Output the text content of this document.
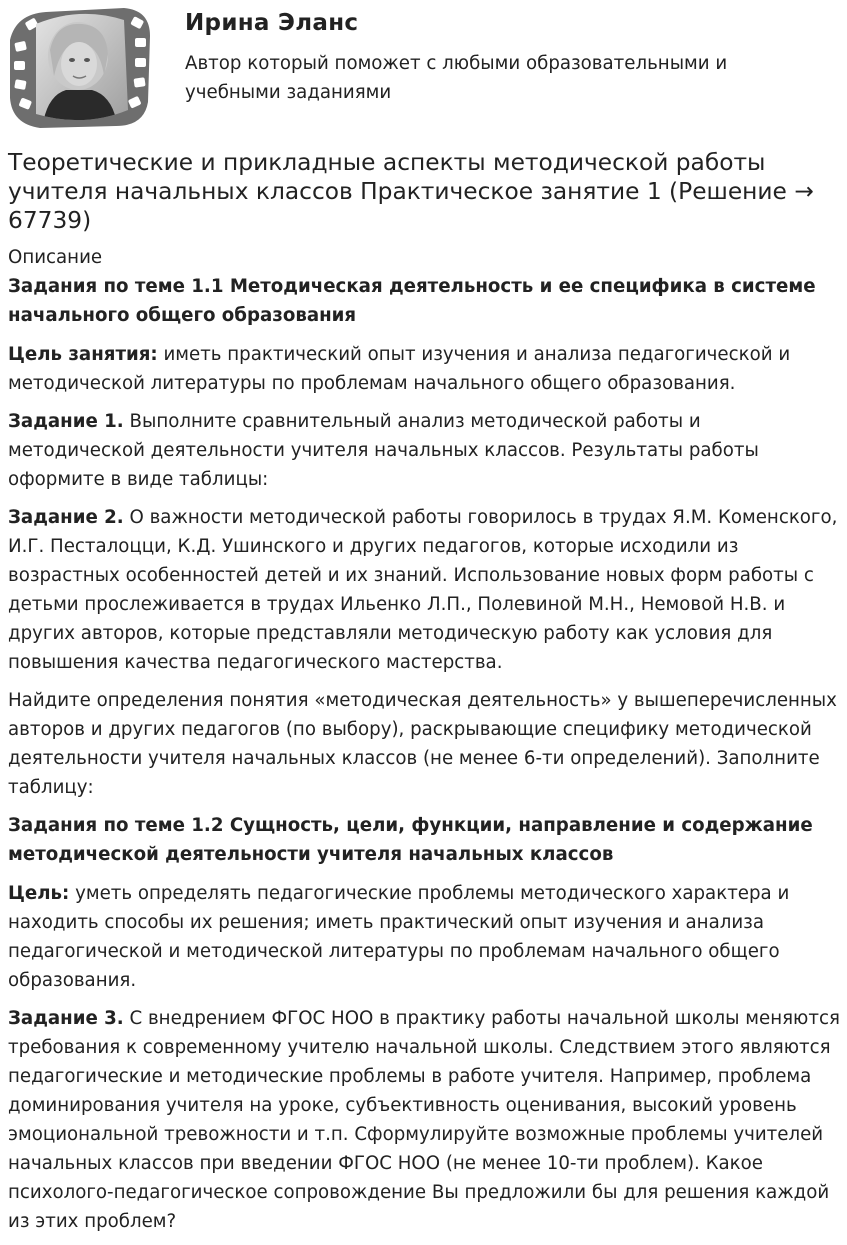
Ирина Эланс
Автор который поможет с любыми образовательными и учебными заданиями
Теоретические и прикладные аспекты методической работы учителя начальных классов Практическое занятие 1 (Решение → 67739)
Описание

Задания по теме 1.1 Методическая деятельность и ее специфика в системе начального общего образования

Цель занятия: иметь практический опыт изучения и анализа педагогической и методической литературы по проблемам начального общего образования.

Задание 1. Выполните сравнительный анализ методической работы и методической деятельности учителя начальных классов. Результаты работы оформите в виде таблицы:

Задание 2. О важности методической работы говорилось в трудах Я.М. Коменского, И.Г. Песталоцци, К.Д. Ушинского и других педагогов, которые исходили из возрастных особенностей детей и их знаний. Использование новых форм работы с детьми прослеживается в трудах Ильенко Л.П., Полевиной М.Н., Немовой Н.В. и других авторов, которые представляли методическую работу как условия для повышения качества педагогического мастерства.

Найдите определения понятия «методическая деятельность» у вышеперечисленных авторов и других педагогов (по выбору), раскрывающие специфику методической деятельности учителя начальных классов (не менее 6-ти определений). Заполните таблицу:

Задания по теме 1.2 Сущность, цели, функции, направление и содержание методической деятельности учителя начальных классов

Цель: уметь определять педагогические проблемы методического характера и находить способы их решения; иметь практический опыт изучения и анализа педагогической и методической литературы по проблемам начального общего образования.

Задание 3. С внедрением ФГОС НОО в практику работы начальной школы меняются требования к современному учителю начальной школы. Следствием этого являются педагогические и методические проблемы в работе учителя. Например, проблема доминирования учителя на уроке, субъективность оценивания, высокий уровень эмоциональной тревожности и т.п. Сформулируйте возможные проблемы учителей начальных классов при введении ФГОС НОО (не менее 10-ти проблем). Какое психолого-педагогическое сопровождение Вы предложили бы для решения каждой из этих проблем?
